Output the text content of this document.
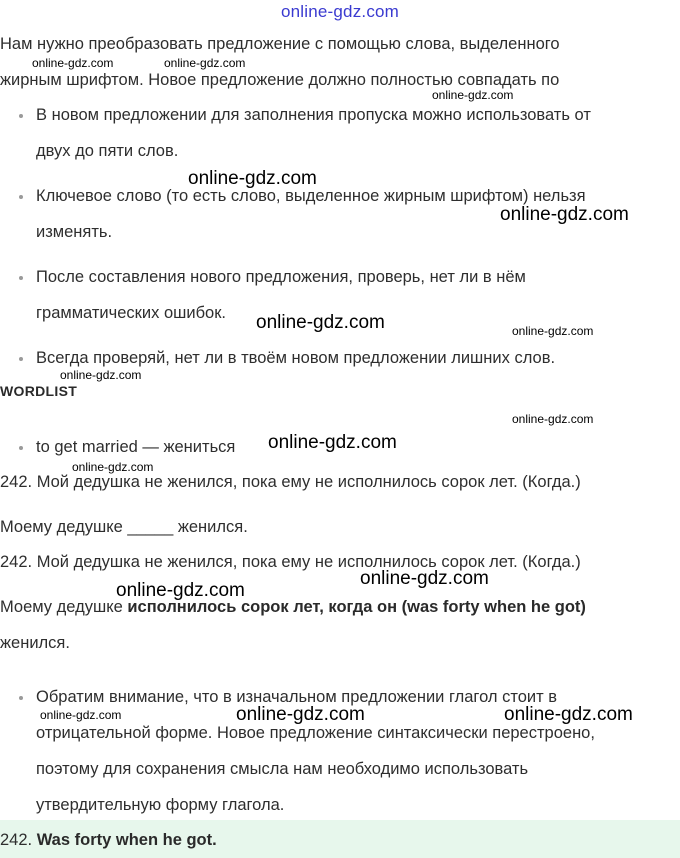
online-gdz.com
Нам нужно преобразовать предложение с помощью слова, выделенного
жирным шрифтом. Новое предложение должно полностью совпадать по
В новом предложении для заполнения пропуска можно использовать от
двух до пяти слов.
Ключевое слово (то есть слово, выделенное жирным шрифтом) нельзя
изменять.
После составления нового предложения, проверь, нет ли в нём
грамматических ошибок.
Всегда проверяй, нет ли в твоём новом предложении лишних слов.
WORDLIST
to get married — жениться
242. Мой дедушка не женился, пока ему не исполнилось сорок лет. (Когда.)
Моему дедушке _____ женился.
242. Мой дедушка не женился, пока ему не исполнилось сорок лет. (Когда.)
Моему дедушке исполнилось сорок лет, когда он (was forty when he got)
женился.
Обратим внимание, что в изначальном предложении глагол стоит в
отрицательной форме. Новое предложение синтаксически перестроено,
поэтому для сохранения смысла нам необходимо использовать
утвердительную форму глагола.
242. Was forty when he got.
online-gdz.com	online-gdz.com
online-gdz.com
online-gdz.com
online-gdz.com
online-gdz.com	online-gdz.com
online-gdz.com
online-gdz.com
online-gdz.com
online-gdz.com
online-gdz.com
online-gdz.com
online-gdz.com	online-gdz.com	online-gdz.com
